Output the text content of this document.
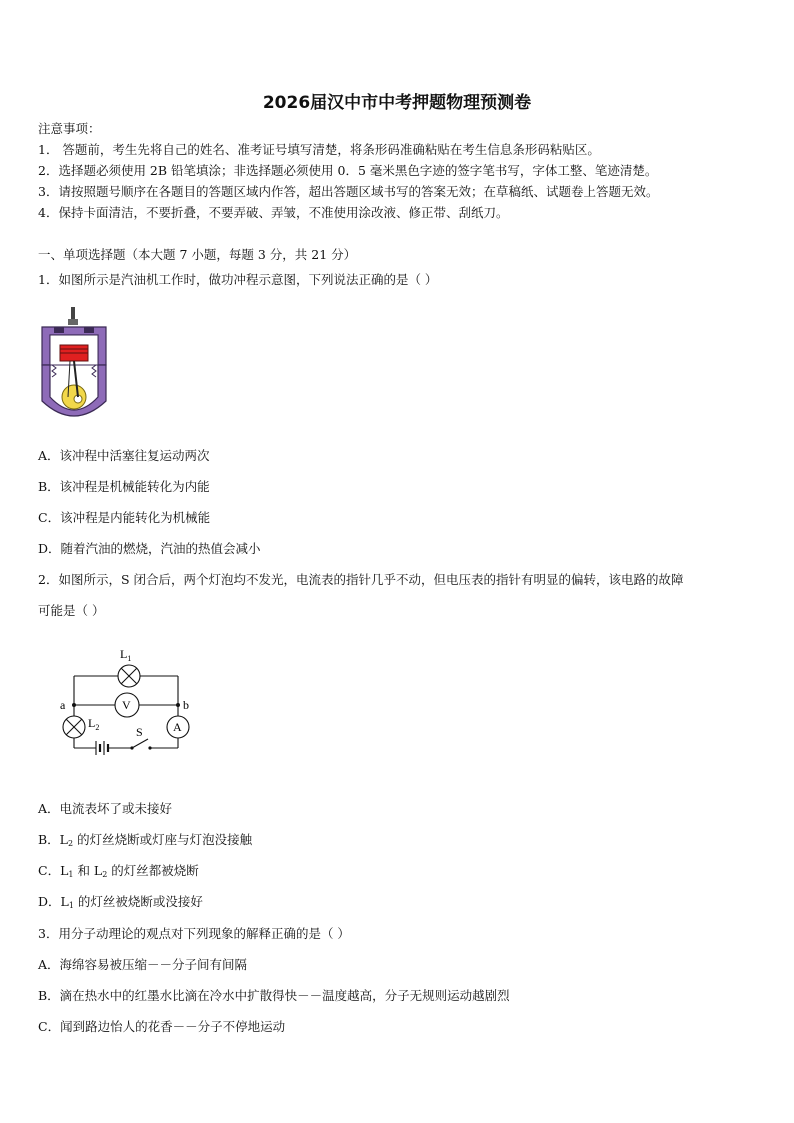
2026届汉中市中考押题物理预测卷
注意事项：
1． 答题前，考生先将自己的姓名、准考证号填写清楚，将条形码准确粘贴在考生信息条形码粘贴区。
2．选择题必须使用 2B 铅笔填涂；非选择题必须使用 0．5 毫米黑色字迹的签字笔书写，字体工整、笔迹清楚。
3．请按照题号顺序在各题目的答题区域内作答，超出答题区域书写的答案无效；在草稿纸、试题卷上答题无效。
4．保持卡面清洁，不要折叠，不要弄破、弄皱，不准使用涂改液、修正带、刮纸刀。
一、单项选择题（本大题 7 小题，每题 3 分，共 21 分）
1．如图所示是汽油机工作时，做功冲程示意图，下列说法正确的是（ ）
A．该冲程中活塞往复运动两次
B．该冲程是机械能转化为内能
C．该冲程是内能转化为机械能
D．随着汽油的燃烧，汽油的热值会减小
2．如图所示，S 闭合后，两个灯泡均不发光，电流表的指针几乎不动，但电压表的指针有明显的偏转，该电路的故障
可能是（ ）
$L_1$
V
A
$L_2$	S
a	b
A．电流表坏了或未接好
B．$L_2$ 的灯丝烧断或灯座与灯泡没接触
C．$L_1$ 和 $L_2$ 的灯丝都被烧断
D．$L_1$ 的灯丝被烧断或没接好
3．用分子动理论的观点对下列现象的解释正确的是（ ）
A．海绵容易被压缩－－分子间有间隔
B．滴在热水中的红墨水比滴在冷水中扩散得快－－温度越高，分子无规则运动越剧烈
C．闻到路边怡人的花香－－分子不停地运动
